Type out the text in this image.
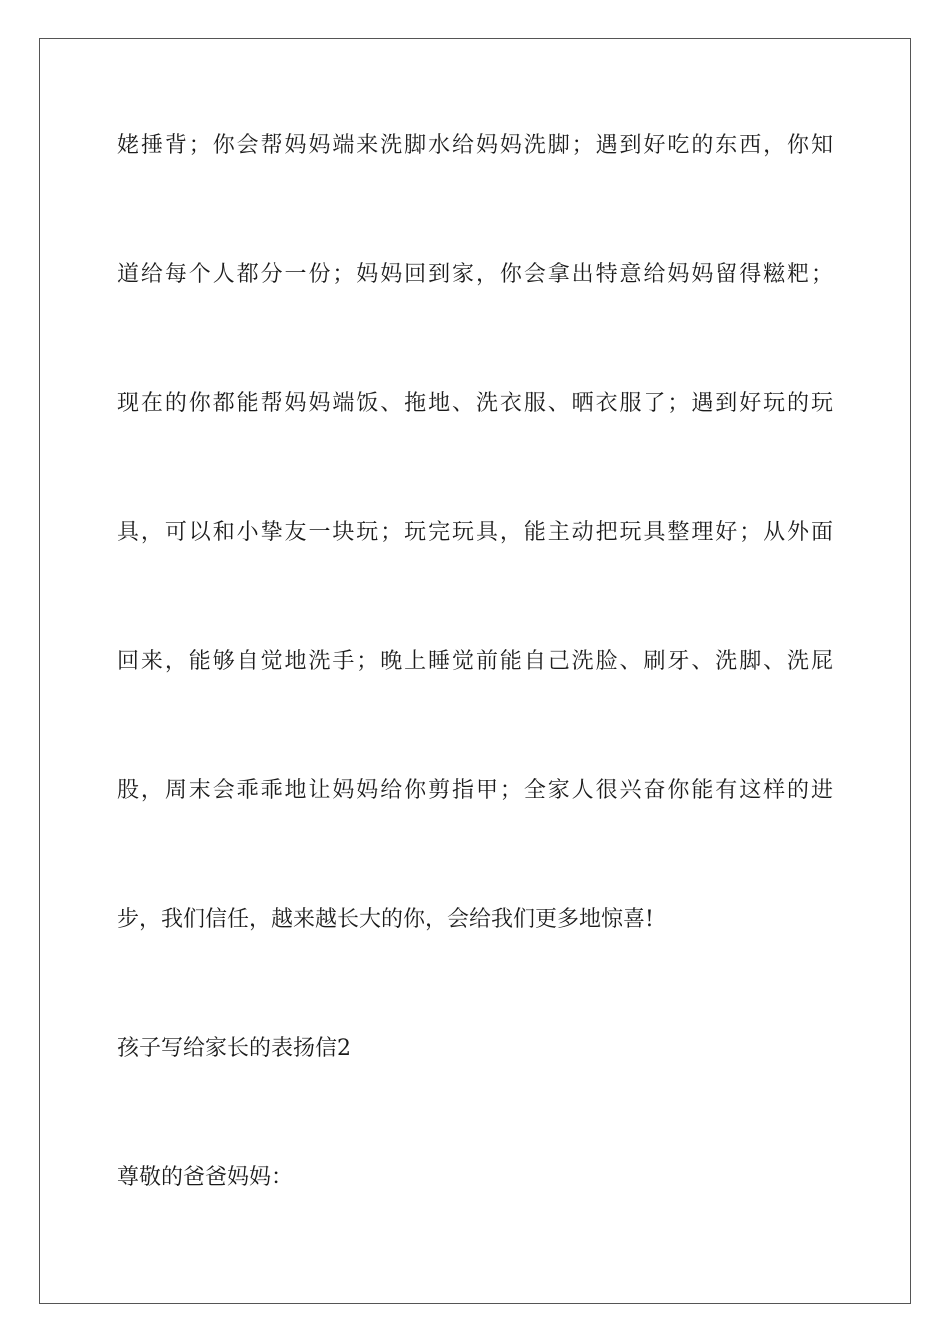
姥捶背；你会帮妈妈端来洗脚水给妈妈洗脚；遇到好吃的东西，你知
道给每个人都分一份；妈妈回到家，你会拿出特意给妈妈留得糍粑；
现在的你都能帮妈妈端饭、拖地、洗衣服、晒衣服了；遇到好玩的玩
具，可以和小挚友一块玩；玩完玩具，能主动把玩具整理好；从外面
回来，能够自觉地洗手；晚上睡觉前能自己洗脸、刷牙、洗脚、洗屁
股，周末会乖乖地让妈妈给你剪指甲；全家人很兴奋你能有这样的进
步，我们信任，越来越长大的你，会给我们更多地惊喜!
孩子写给家长的表扬信2
尊敬的爸爸妈妈：
